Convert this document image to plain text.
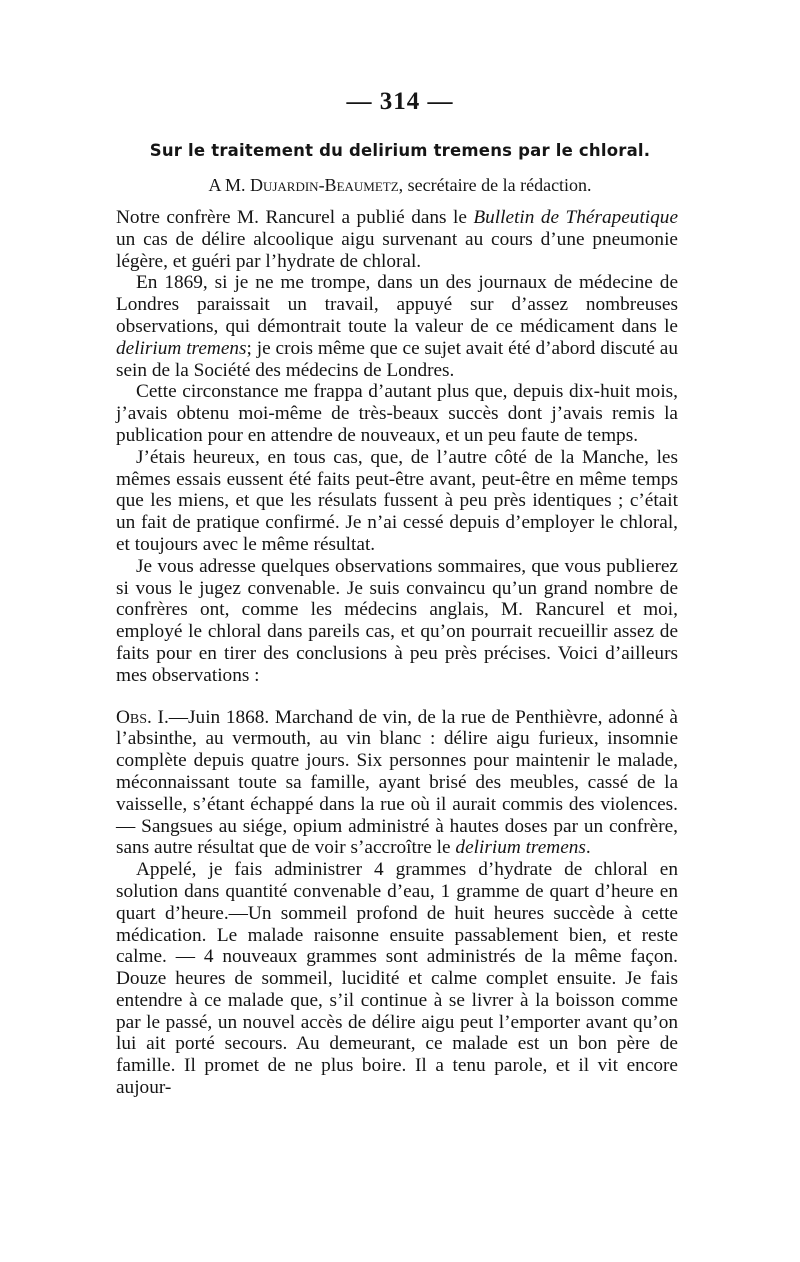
— 314 —
Sur le traitement du delirium tremens par le chloral.
A M. Dujardin-Beaumetz, secrétaire de la rédaction.

Notre confrère M. Rancurel a publié dans le Bulletin de Thérapeutique un cas de délire alcoolique aigu survenant au cours d’une pneumonie légère, et guéri par l’hydrate de chloral.

En 1869, si je ne me trompe, dans un des journaux de médecine de Londres paraissait un travail, appuyé sur d’assez nombreuses observations, qui démontrait toute la valeur de ce médicament dans le delirium tremens; je crois même que ce sujet avait été d’abord discuté au sein de la Société des médecins de Londres.

Cette circonstance me frappa d’autant plus que, depuis dix-huit mois, j’avais obtenu moi-même de très-beaux succès dont j’avais remis la publication pour en attendre de nouveaux, et un peu faute de temps.

J’étais heureux, en tous cas, que, de l’autre côté de la Manche, les mêmes essais eussent été faits peut-être avant, peut-être en même temps que les miens, et que les résulats fussent à peu près identiques ; c’était un fait de pratique confirmé. Je n’ai cessé depuis d’employer le chloral, et toujours avec le même résultat.

Je vous adresse quelques observations sommaires, que vous publierez si vous le jugez convenable. Je suis convaincu qu’un grand nombre de confrères ont, comme les médecins anglais, M. Rancurel et moi, employé le chloral dans pareils cas, et qu’on pourrait recueillir assez de faits pour en tirer des conclusions à peu près précises. Voici d’ailleurs mes observations :

Obs. I.—Juin 1868. Marchand de vin, de la rue de Penthièvre, adonné à l’absinthe, au vermouth, au vin blanc : délire aigu furieux, insomnie complète depuis quatre jours. Six personnes pour maintenir le malade, méconnaissant toute sa famille, ayant brisé des meubles, cassé de la vaisselle, s’étant échappé dans la rue où il aurait commis des violences. — Sangsues au siége, opium administré à hautes doses par un confrère, sans autre résultat que de voir s’accroître le delirium tremens.

Appelé, je fais administrer 4 grammes d’hydrate de chloral en solution dans quantité convenable d’eau, 1 gramme de quart d’heure en quart d’heure.—Un sommeil profond de huit heures succède à cette médication. Le malade raisonne ensuite passablement bien, et reste calme. — 4 nouveaux grammes sont administrés de la même façon. Douze heures de sommeil, lucidité et calme complet ensuite. Je fais entendre à ce malade que, s’il continue à se livrer à la boisson comme par le passé, un nouvel accès de délire aigu peut l’emporter avant qu’on lui ait porté secours. Au demeurant, ce malade est un bon père de famille. Il promet de ne plus boire. Il a tenu parole, et il vit encore aujour-
